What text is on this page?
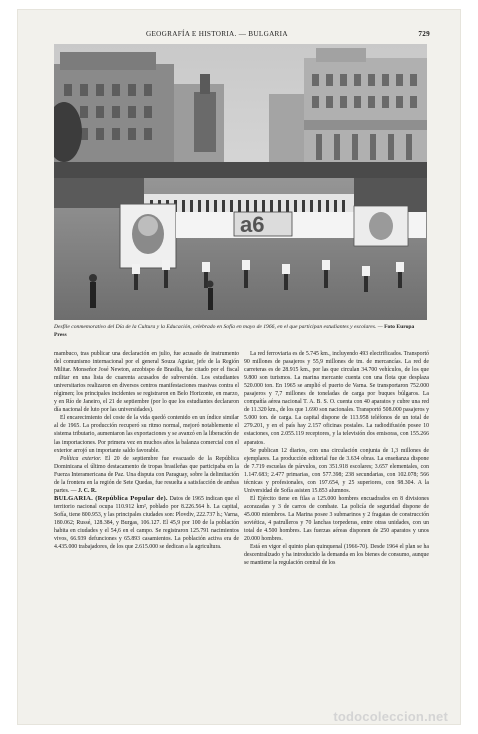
GEOGRAFÍA E HISTORIA. — BULGARIA	729
a6
Desfile conmemorativo del Día de la Cultura y la Educación, celebrado en Sofía en mayo de 1966, en el que participan estudiantes y escolares. — Foto Europa Press

mambuco, tras publicar una declaración en julio, fue acusado de instrumento del comunismo internacional por el general Souza Aguiar, jefe de la Región Militar. Monseñor José Newton, arzobispo de Brasilia, fue citado por el fiscal militar en una lista de cuarenta acusados de subversión. Los estudiantes universitarios realizaron en diversos centros manifestaciones masivas contra el régimen; los principales incidentes se registraron en Belo Horizonte, en marzo, y en Río de Janeiro, el 21 de septiembre (por lo que los estudiantes declararon día nacional de luto por las universidades).

El encarecimiento del coste de la vida quedó contenido en un índice similar al de 1965. La producción recuperó su ritmo normal, mejoró notablemente el sistema tributario, aumentaron las exportaciones y se avanzó en la liberación de las importaciones. Por primera vez en muchos años la balanza comercial con el exterior arrojó un importante saldo favorable.

Política exterior. El 20 de septiembre fue evacuado de la República Dominicana el último destacamento de tropas brasileñas que participaba en la Fuerza Interamericana de Paz. Una disputa con Paraguay, sobre la delimitación de la frontera en la región de Sete Quedas, fue resuelta a satisfacción de ambas partes. — J. C. R.

BULGARIA. (República Popular de). Datos de 1965 indican que el territorio nacional ocupa 110.912 km², poblado por 8.226.564 h. La capital, Sofía, tiene 800.953, y las principales ciudades son: Plovdiv, 222.737 h.; Varna, 180.062; Russé, 128.384, y Burgas, 106.127. El 45,9 por 100 de la población habita en ciudades y el 54,6 en el campo. Se registraron 125.791 nacimientos vivos, 66.939 defunciones y 65.893 casamientos. La población activa era de 4.435.000 trabajadores, de los que 2.615.000 se dedican a la agricultura.

La red ferroviaria es de 5.745 km., incluyendo 493 electrificados. Transportó 90 millones de pasajeros y 55,9 millones de tm. de mercancías. La red de carreteras es de 28.915 km., por las que circulan 34.700 vehículos, de los que 9.800 son turismos. La marina mercante cuenta con una flota que desplaza 520.000 ton. En 1965 se amplió el puerto de Varna. Se transportaron 752.000 pasajeros y 7,7 millones de toneladas de carga por buques búlgaros. La compañía aérea nacional T. A. B. S. O. cuenta con 40 aparatos y cubre una red de 11.320 km., de los que 1.690 son nacionales. Transportó 508.000 pasajeros y 5.000 ton. de carga. La capital dispone de 113.958 teléfonos de un total de 279.201, y en el país hay 2.157 oficinas postales. La radiodifusión posee 10 estaciones, con 2.055.119 receptores, y la televisión dos emisoras, con 155.266 aparatos.

Se publican 12 diarios, con una circulación conjunta de 1,3 millones de ejemplares. La producción editorial fue de 3.634 obras. La enseñanza dispone de 7.719 escuelas de párvulos, con 351.918 escolares; 3.657 elementales, con 1.147.683; 2.477 primarias, con 577.398; 238 secundarias, con 102.078; 566 técnicas y profesionales, con 197.654, y 25 superiores, con 98.304. A la Universidad de Sofía asisten 15.853 alumnos.

El Ejército tiene en filas a 125.000 hombres encuadrados en 8 divisiones acorazadas y 3 de carros de combate. La policía de seguridad dispone de 45.000 miembros. La Marina posee 3 submarinos y 2 fragatas de construcción soviética, 4 patrulleros y 70 lanchas torpederas, entre otras unidades, con un total de 4.500 hombres. Las fuerzas aéreas disponen de 250 aparatos y unos 20.000 hombres.

Está en vigor el quinto plan quinquenal (1966-70). Desde 1964 el plan se ha descentralizado y ha introducido la demanda en los bienes de consumo, aunque se mantiene la regulación central de los

todocoleccion.net
